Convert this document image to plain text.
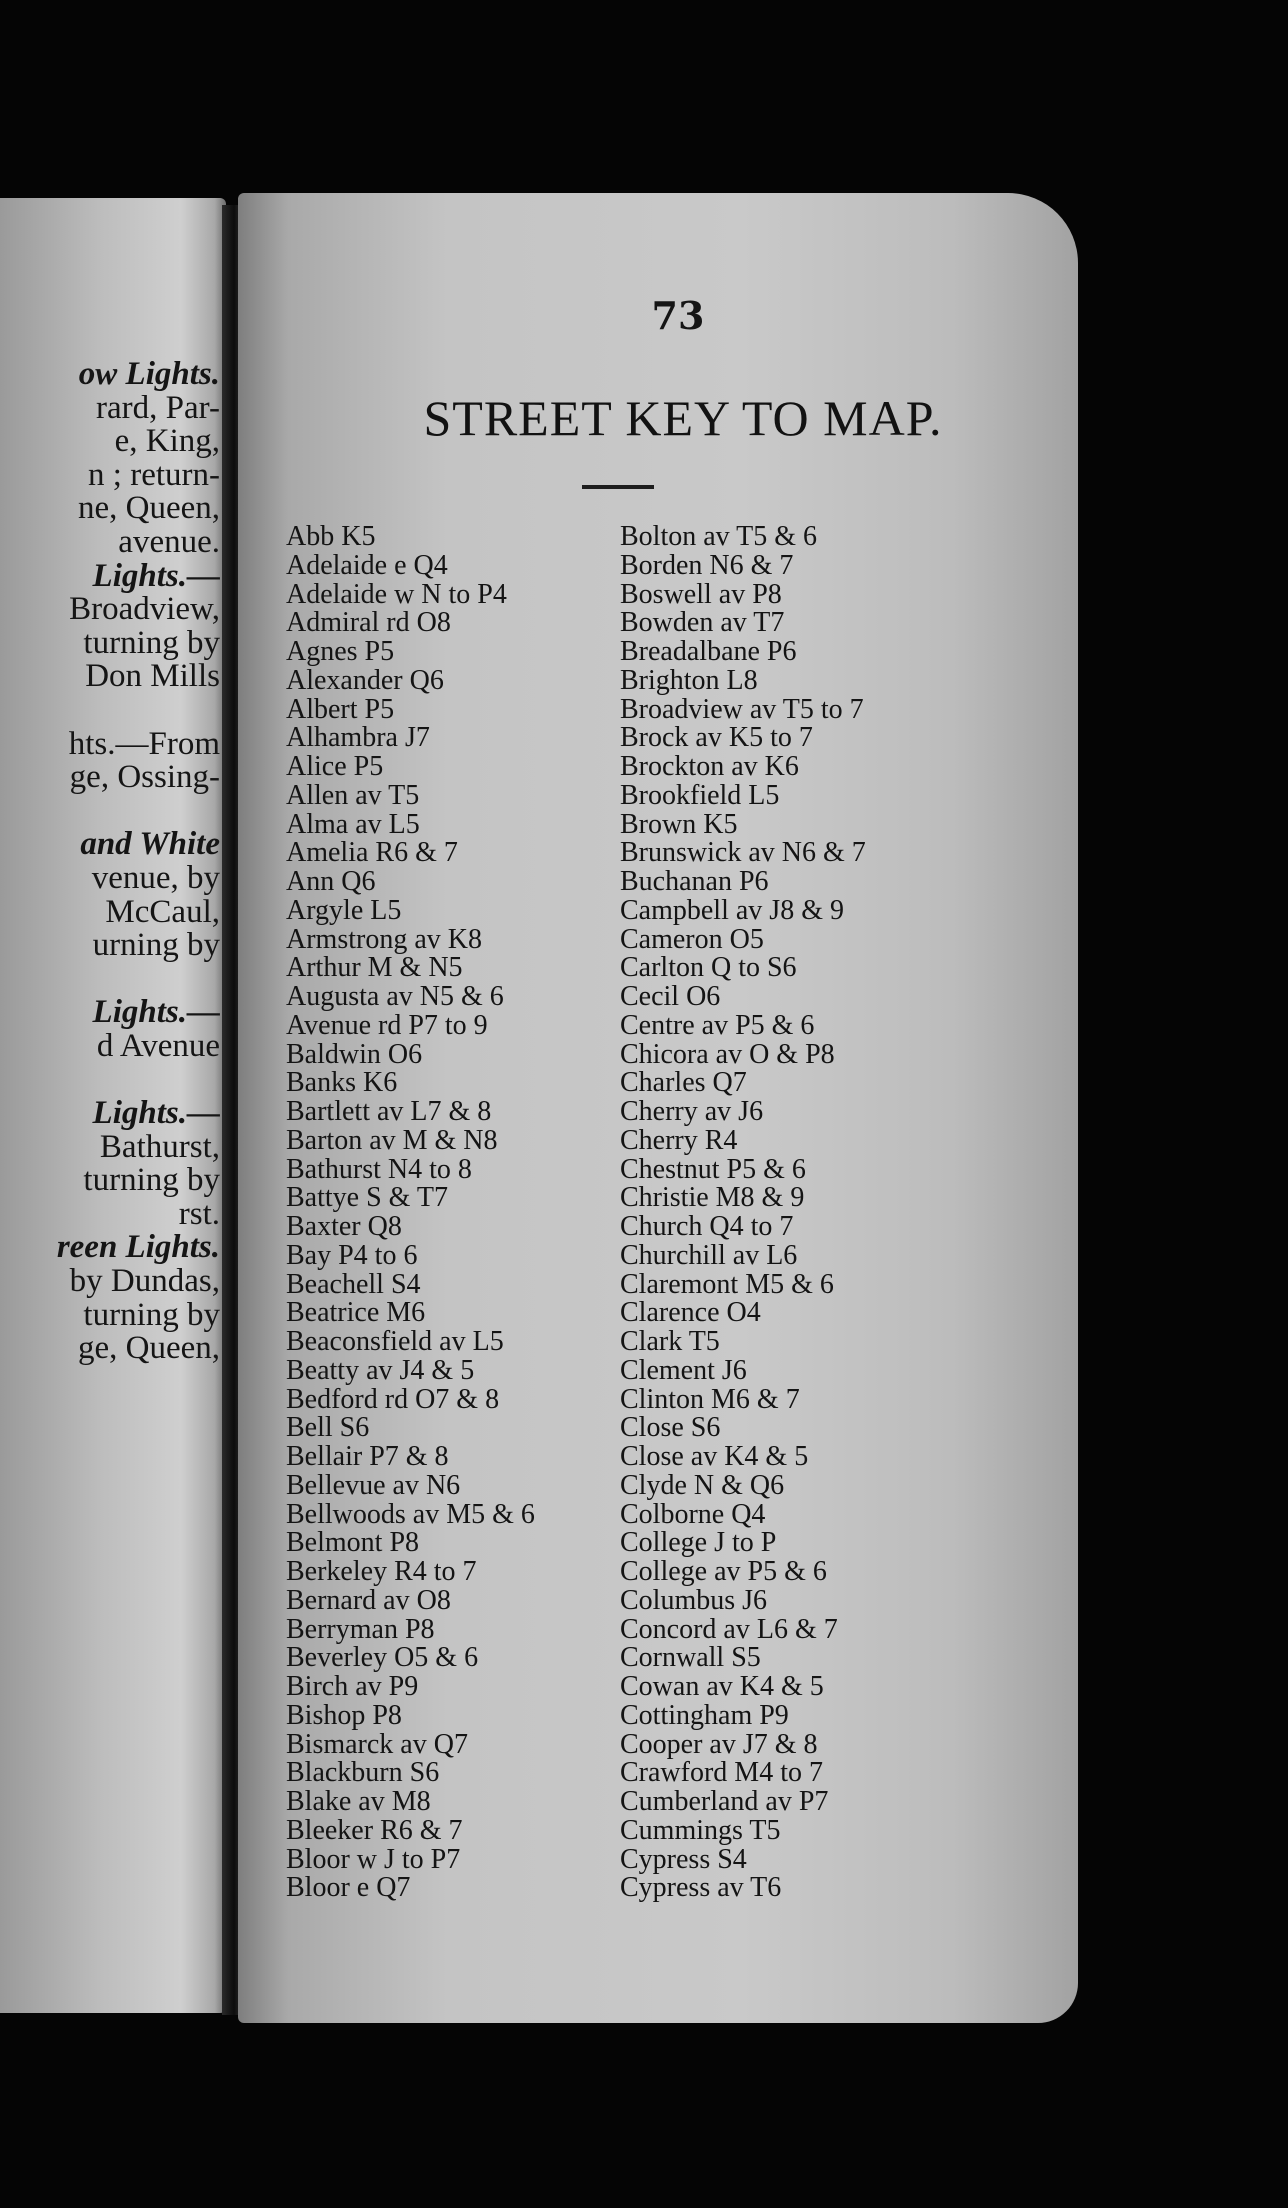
ow Lights.
rard, Par-
e, King,
n ; return-
ne, Queen,
avenue.
Lights.—
Broadview,
turning by
Don Mills
hts.—From
ge, Ossing-
and White
venue, by
McCaul,
urning by
Lights.—
d Avenue
Lights.—
Bathurst,
turning by
rst.
reen Lights.
by Dundas,
turning by
ge, Queen,
73
STREET KEY TO MAP.
Abb K5
Adelaide e Q4
Adelaide w N to P4
Admiral rd O8
Agnes P5
Alexander Q6
Albert P5
Alhambra J7
Alice P5
Allen av T5
Alma av L5
Amelia R6 & 7
Ann Q6
Argyle L5
Armstrong av K8
Arthur M & N5
Augusta av N5 & 6
Avenue rd P7 to 9
Baldwin O6
Banks K6
Bartlett av L7 & 8
Barton av M & N8
Bathurst N4 to 8
Battye S & T7
Baxter Q8
Bay P4 to 6
Beachell S4
Beatrice M6
Beaconsfield av L5
Beatty av J4 & 5
Bedford rd O7 & 8
Bell S6
Bellair P7 & 8
Bellevue av N6
Bellwoods av M5 & 6
Belmont P8
Berkeley R4 to 7
Bernard av O8
Berryman P8
Beverley O5 & 6
Birch av P9
Bishop P8
Bismarck av Q7
Blackburn S6
Blake av M8
Bleeker R6 & 7
Bloor w J to P7
Bloor e Q7
Bolton av T5 & 6
Borden N6 & 7
Boswell av P8
Bowden av T7
Breadalbane P6
Brighton L8
Broadview av T5 to 7
Brock av K5 to 7
Brockton av K6
Brookfield L5
Brown K5
Brunswick av N6 & 7
Buchanan P6
Campbell av J8 & 9
Cameron O5
Carlton Q to S6
Cecil O6
Centre av P5 & 6
Chicora av O & P8
Charles Q7
Cherry av J6
Cherry R4
Chestnut P5 & 6
Christie M8 & 9
Church Q4 to 7
Churchill av L6
Claremont M5 & 6
Clarence O4
Clark T5
Clement J6
Clinton M6 & 7
Close S6
Close av K4 & 5
Clyde N & Q6
Colborne Q4
College J to P
College av P5 & 6
Columbus J6
Concord av L6 & 7
Cornwall S5
Cowan av K4 & 5
Cottingham P9
Cooper av J7 & 8
Crawford M4 to 7
Cumberland av P7
Cummings T5
Cypress S4
Cypress av T6
